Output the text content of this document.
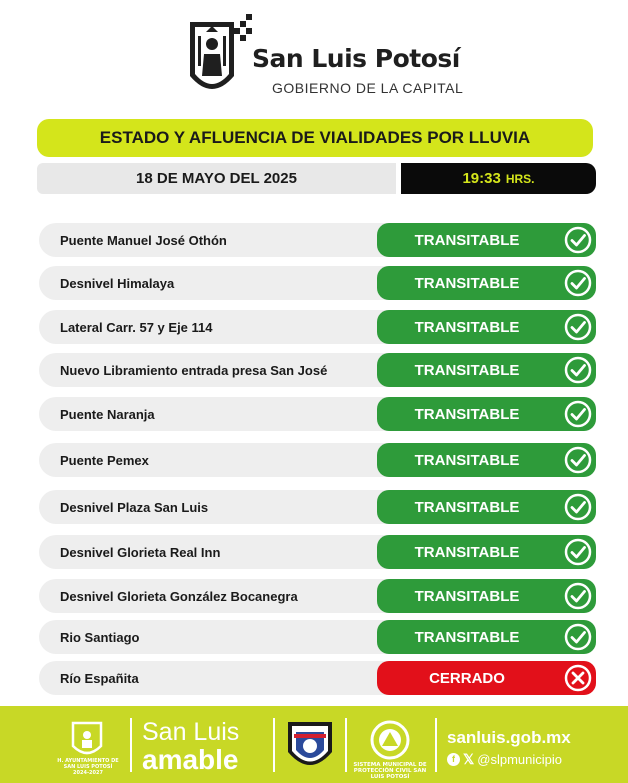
San Luis Potosí
GOBIERNO DE LA CAPITAL
ESTADO Y AFLUENCIA DE VIALIDADES POR LLUVIA
18 DE MAYO DEL 2025	19:33 HRS.
Puente Manuel José Othón	TRANSITABLE
Desnivel Himalaya	TRANSITABLE
Lateral Carr. 57 y Eje 114	TRANSITABLE
Nuevo Libramiento entrada presa San José	TRANSITABLE
Puente Naranja	TRANSITABLE
Puente Pemex	TRANSITABLE
Desnivel Plaza San Luis	TRANSITABLE
Desnivel Glorieta Real Inn	TRANSITABLE
Desnivel Glorieta González Bocanegra	TRANSITABLE
Rio Santiago	TRANSITABLE
Río Españita	CERRADO
H. AYUNTAMIENTO DE SAN LUIS POTOSÍ 2024-2027
San Luis
amable	SISTEMA MUNICIPAL DE PROTECCIÓN CIVIL SAN LUIS POTOSÍ
sanluis.gob.mx
f 𝕏 @slpmunicipio
